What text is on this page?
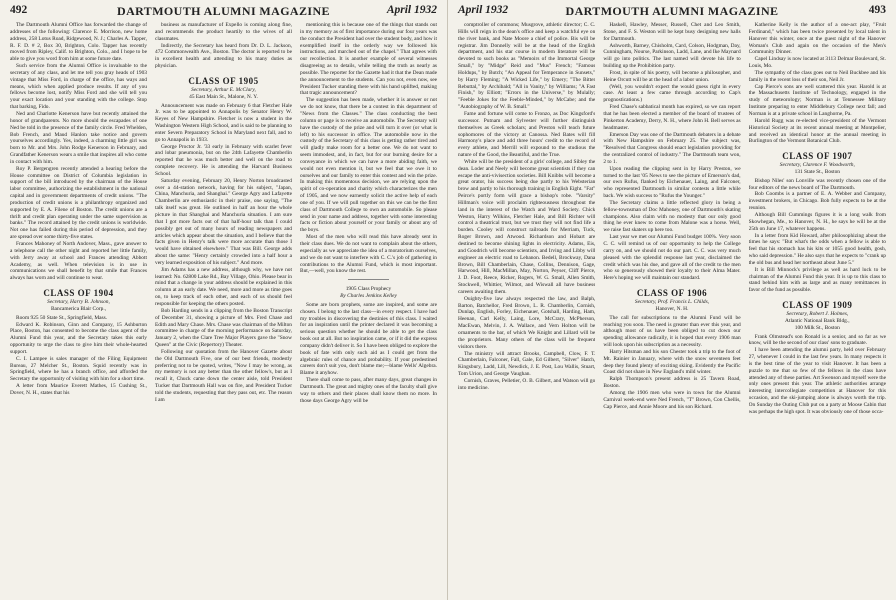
492	DARTMOUTH ALUMNI MAGAZINE	April 1932

The Dartmouth Alumni Office has forwarded the change of addresses of the following: Clarence E. Morrison, new home address, 258 Lotus Road, Ridgewood, N. J.; Charles A. Tapper, R. F. D. # 2, Box 30, Brighton, Colo. Tapper has recently moved from Ripley, Calif. to Brighton, Colo., and I hope to be able to give you word from him at some future date.

Such service from the Alumni Office is invaluable to the secretary of any class, and let me tell you gray heads of 1903 vintage that Miss Ford, in charge of the office, has ways and means, which when applied produce results. If any of you fellows become lost, notify Miss Ford and she will tell you your exact location and your standing with the college. Stop that barking, Fido.

Ned and Charlotte Kenerson have but recently attained the honor of grandparents. No more should the escapades of one Ned be told in the presence of the family circle. Fred Whelden, Bob French, and Maud Hanlon take notice and govern yourselves accordingly. Yes, indeed, a charming little girl was born to Mr. and Mrs. John Rodge Kenerson in February, and Grandfather Kenerson wears a smile that inspires all who come in contact with him.

Roy P. Bergengren recently attended a hearing before the House committee on District of Columbia legislation in support of the bill introduced by the chairman of the House labor committee, authorizing the establishment in the national capital and in government departments of credit unions. "The production of credit unions is a philanthropy organized and supported by E. A. Filene of Boston. The credit unions are a thrift and credit plan operating under the same supervision as banks." The record attained by the credit unions is worldwide. Not one has failed during this period of depression, and they are spread over some thirty-five states.

Frances Mahoney of North Andover, Mass., gave answer to a telephone call the other night and reported her little family, with Jerry away at school and Frances attending Abbott Academy, as well. When television is in use in communications we shall benefit by that smile that Frances always has worn and will continue to wear.

CLASS OF 1904
Secretary, Harry B. Johnson,
Bancamerica Blair Corp.,

Room 925 50 State St., Springfield, Mass.

Edward K. Robinson, Ginn and Company, 15 Ashburton Place, Boston, has consented to become the class agent of the Alumni Fund this year, and the Secretary takes this early opportunity to urge the class to give him their whole-hearted support.

C. I. Lampee is sales manager of the Filing Equipment Bureau, 27 Melcher St., Boston. Squid recently was in Springfield, where he has a branch office, and afforded the Secretary the opportunity of visiting with him for a short time.

A letter from Maurice Everett Mathes, 15 Cushing St., Dover, N. H., states that his

business as manufacturer of Expello is coming along fine, and recommends the product heartily to the wives of all classmates.

Indirectly, the Secretary has heard from Dr. D. L. Jackson, 472 Commonwealth Ave., Boston. The doctor is reported to be in excellent health and attending to his many duties as physician.

CLASS OF 1905
Secretary, Arthur E. McClary,
45 East Main St., Malone, N. Y.

Announcement was made on February 6 that Fletcher Hale Jr. was to be appointed to Annapolis by Senator Henry W. Keyes of New Hampshire. Fletcher is now a student in the Washington Western High School, and is said to be planning to enter Severn Preparatory School in Maryland next fall, and to go to Annapolis in 1933.

George Proctor Jr. '33 early in February with scarlet fever and lobar pneumonia, but on the 24th Lafayette Chamberlin reported that he was much better and well on the road to complete recovery. He is attending the Harvard Business School.

Saturday evening, February 20, Henry Norton broadcasted over a 44-station network, having for his subject, "Japan, China, Manchuria, and Shanghai." George Agry and Lafayette Chamberlin are enthusiastic in their praise, one saying, "The talk itself was great. He outlined in half an hour the whole picture in that Shanghai and Manchuria situation. I am sure that I got more facts out of that half-hour talk than I could possibly get out of many hours of reading newspapers and articles which appear about the situation, and I believe that the facts given in Henry's talk were more accurate than those I would have obtained elsewhere." That was Bill. George adds about the same: "Henry certainly crowded into a half hour a very learned exposition of his subject." And more.

Jim Adams has a new address, although why, we have not learned: No. 62800 Lake Rd., Bay Village, Ohio. Please bear in mind that a change in your address should be explained in this column at an early date. We need, more and more as time goes on, to keep track of each other, and each of us should feel responsible for keeping the others posted.

Bob Harding sends in a clipping from the Boston Transcript of December 31, showing a picture of Mrs. Fred Chase and Edith and Mary Chase. Mrs. Chase was chairman of the Milton committee in charge of the morning performance on Saturday, January 2, when the Clare Tree Major Players gave the "Snow Queen" at the Civic (Repertory) Theater.

Following our quotation from the Hanover Gazette about the Old Dartmouth Five, one of our best friends, modestly preferring not to be quoted, writes, "Now I may be wrong, as my memory is not any better than the other fellow's, but as I recall it, Chuck came down the center aisle, told President Tucker that Dartmouth Hall was on fire, and President Tucker told the students, requesting that they pass out, etc. The reason I am

mentioning this is because one of the things that stands out in my memory as of first importance during our four years was the conduct the President had over the student body, and how it exemplified itself in the orderly way we followed his instructions, and marched out of the chapel." That agrees with our recollection. It is another example of several witnesses disagreeing as to details, while telling the truth as nearly as possible. The reporter for the Gazette had it that the Dean made the announcement to the students. Can you not, even now, see President Tucker standing there with his hand uplifted, making that tragic announcement?

The suggestion has been made, whether it is answer or not we do not know, that there be a contest in this department of "News from the Classes." The class conducting the best column or page is to receive an automobile. The Secretary will have the custody of the prize and will turn it over (or what is left) to his successor in office. The automobile now in the custody of the Secretary of this class is getting rather tired and will gladly make room for a better one. We do not want to seem immodest, and, in fact, but for our burning desire for a conveyance in which we can have a more abiding faith, we would not even mention it, but we feel that we owe it to ourselves and our family to enter this contest and win the prize. In making this momentous decision, we are relying upon the spirit of co-operation and charity which characterizes the men of 1905, and we now earnestly solicit the active help of each one of you. If we will pull together on this we can be the first class of Dartmouth College to own an automobile. So please send in your name and address, together with some interesting facts or fiction about yourself or your family or about any of the boys.

Most of the men who will read this have already sent in their class dues. We do not want to complain about the others, especially as we appreciate the idea of a moratorium ourselves, and we do not want to interfere with C. C.'s job of gathering in contributions to the Alumni Fund, which is most important. But,—well, you know the rest.

1905 Class Prophecy
By Charles Jenkins Kelley

Some are born prophets, some are inspired, and some are chosen. I belong to the last class—in every respect. I have had my troubles in discovering the destinies of this class. I waited for an inspiration until the printer declared it was becoming a serious question whether he should be able to get the class book out at all. But no inspiration came, or if it did the express company didn't deliver it. So I have been obliged to explore the book of fate with only such aid as I could get from the algebraic rules of chance and probability. If your predestined careers don't suit you, don't blame me;—blame Wells' Algebra. Blame it anyhow.

There shall come to pass, after many days, great changes in Dartmouth. The great and mighty ones of the faculty shall give way to others and their places shall know them no more. In those days George Agry will be

April 1932	DARTMOUTH ALUMNI MAGAZINE	493

comptroller of commons; Musgrove, athletic director; C. C. Hills will reign in the dean's office and keep a watchful eye on the river bank, and Nate Moore a chief of police. Bis will be registrar. Jim Donnelly will be at the head of the English department, and his star course in modern literature will be devoted to such books as "Memoirs of the Immortal George Small," by "Midge" Reid and "Mus" French; "Famous Holdups," by Butch; "An Appeal for Temperance in Sunsets," by Harry Fleming; "A Wicked Life," by Emery; "The Bitter Rebuttal," by Archibald; "All in Vanity," by Williams; "A Fast Finish," by Elliott; "Errors in the Universe," by Mulally; "Feeble Jokes for the Feeble-Minded," by McCabe; and the "Autobiography of W. B. Small."

Fame and fortune will come to Fronzo, as Doc Kingsford's successor. Putnam and Sylvester will further distinguish themselves as Greek scholars; and Preston will teach future sophomores of the victory at Canossa. Ned Bates will fill Harmony's place and add three hours' credit to the record of every athlete, and Merrill will expound to the studious the nature of the Good, the Beautiful, and the True.

White will be the president of a girls' college, and Sibley the dean. Loder and Neely will become great scientists if they can escape the anti-vivisection societies. Bill Knibbs will become a great orator, his success being due partly to his Websterian brow and partly to his thorough training in English Eight. "Fat" Peirce's portly form will grace a bishop's robe. "Varsity" Hillman's voice will proclaim righteousness throughout the land in the interest of the Watch and Ward Society. Chick Weston, Harry Wilkins, Fletcher Hale, and Bill Richter will control a theatrical trust, but we trust they will not find life a burden. Cooley will construct railroads for Merriam, Tuck, Roger Brown, and Atwood. Richardson and Hobart are destined to become shining lights in electricity. Adams, Eis, and Goodrich will become scientists, and Irving and Libby will engineer an electric road to Lebanon. Bedell, Brockway, Dana Brown, Bill Chamberlain, Chase, Collins, Dennison, Gage, Harwood, Hill, MacMillan, May, Norton, Peyser, Cliff Pierce, J. D. Foot, Reece, Ricker, Rogers, W. G. Small, Allen Smith, Stockwell, Whittier, Wilmot, and Wiswall all have business careers awaiting them.

Ouighty-five law always respected the law, and Balph, Barton, Batchellor, Fred Brown, L. R. Chamberlin, Cornish, Dunlap, English, Forley, Eichenauer, Gotshall, Harding, Ham, Heenan, Carl Kelly, Laing, Lore, McCrary, McPherson, MacEwan, Melvin, J. A. Wallace, and Vern Holton will be ornaments to the bar, of which We Knight and Lillard will be the proprietors. Many others of the class will be frequent visitors there.

The ministry will attract Brooks, Campbell, Clow, F. T. Chamberlain, Falconer, Fall, Gale, Ed Gilbert, "Silver" Hatch, Kingsbury, Ladd, Lill, Newdick, J. E. Post, Lou Wallis, Stuart, Tom Urion, and George Vaughan.

Cornish, Graves, Pelletier, O. B. Gilbert, and Watson will go into medicine.

Haskell, Hawley, Messer, Russell, Chet and Leo Smith, Stone, and F. S. Weston will be kept busy designing new halls for Dartmouth.

Ashworth, Barney, Chisholm, Card, Colson, Hodgman, Day, Cunningham, Nourse, Parkinson, Ladd, Lane, and Ike Maynard will go into politics. The last named will devote his life to building up the Prohibition party.

Frost, in spite of his poetry, will become a philosopher, and Heine Orcutt will be at the head of a labor union.

(Well, you wouldn't expect the would guess right in every case. At least a few came through according to Cap's prognostications.)

Fred Chase's sabbatical month has expired, so we can report that he has been elected a member of the board of trustees of Pinkerton Academy, Derry, N. H., where John H. Bell serves as headmaster.

Emerson Day was one of the Dartmouth debaters in a debate with New Hampshire on February 25. The subject was, "Resolved that Congress should enact legislation providing for the centralized control of industry." The Dartmouth team won, 2 to 1.

Upon reading the clipping sent in by Harry Preston, we turned to the last '05 News to see the picture of Emerson's dad, our own Rufus, flanked by Eichenauer, Laing, and Falconer, who represented Dartmouth in similar contests a little while back. We wish success to "Rufus the Younger."

The Secretary claims a little reflected glory in being a fellow-townsman of Doc Mahoney, one of Dartmouth's skating champions. Also claim with no modesty that our only good thing he ever knew to come from Malone was a horse. Well, we raise fast skaters up here too.

Last year we met our Alumni Fund budget 100%. Very soon C. C. will remind us of our opportunity to help the College carry on, and we should not do our part. C. C. was very much pleased with the splendid response last year, disclaimed the credit which was his due, and gave all of the credit to the men who so generously showed their loyalty to their Alma Mater. Here's hoping we will maintain our standard.

CLASS OF 1906
Secretary, Prof. Francis L. Childs,
Hanover, N. H.

The call for subscriptions to the Alumni Fund will be reaching you soon. The need is greater than ever this year, and although most of us have been obliged to cut down our spending allowance radically, it is hoped that every 1906 man will look upon his subscription as a necessity.

Harry Hitsman and his son Chester took a trip to the foot of Mt. Rainier in January, where with the snow seventeen feet deep they found plenty of exciting skiing. Evidently the Pacific Coast did not share in New England's mild winter.

Ralph Thompson's present address is 25 Tavern Road, Boston.

Among the 1906 men who were in town for the Alumni Carnival week-end were Ned French, "T" Brown, Con Chellis, Cap Pierce, and Annie Moore and his son Richard.

Katherine Kelly is the author of a one-act play, "Fruit Ferdinand," which has been twice presented by local talent in Hanover this winter, once at the guest night of the Hanover Woman's Club and again on the occasion of the Men's Community Dinner.

Capel Lindsay is now located at 3113 Delmar Boulevard, St. Louis, Mo.

The sympathy of the class goes out to Neil Buckbee and his family in the recent loss of their son, Neil Jr.

Cap Pierce's sons are well scattered this year. Harold is at the Massachusetts Institute of Technology, engaged in the study of meteorology; Norman is at Tennessee Military Institute preparing to enter Middlebury College next fall; and Norman is at a private school in Langhorne, Pa.

Harold Rugg was re-elected vice-president of the Vermont Historical Society at its recent annual meeting at Montpelier, and received an identical honor at the annual meeting in Burlington of the Vermont Botanical Club.

CLASS OF 1907
Secretary, Clarence F. Woodworth,
131 State St., Boston

Bishop Niles' son Lonville was recently chosen one of the four editors of the news board of The Dartmouth.

Bob Coombs is a partner of E. A. Webber and Company, investment brokers, in Chicago. Bob fully expects to be at the reunion.

Although Bill Cummings figures it is a long walk from Skowhegan, Me., to Hanover, N. H., he says he will be at the 25th on June 17, whatever happens.

In a letter from Kid Howard, after philosophizing about the times he says: "But what's the odds when a fellow is able to feel that his stomach has his kits or 1055 good health, gosh, who said depression." He also says that he expects to "crank up the old bus and head her northeast about June 5."

It is Bill Minnock's privilege as well as hard luck to be chairman of the Alumni Fund this year. It is up to this class to stand behind him with as large and as many remittances in favor of the fund as possible.

CLASS OF 1909
Secretary, Robert J. Holmes,
Atlantic National Bank Bldg.,
100 Milk St., Boston

Frank Olmstead's son Ronald is a senior, and so far as we know, will be the second of our class' sons to graduate.

I have been attending the alumni party, held over February 27, whenever I could in the last few years. In many respects it is the best time of the year to visit Hanover. It has been a puzzle to me that so few of the fellows in the class have attended any of these parties. Art Swenson and myself were the only ones present this year. The athletic authorities arrange interesting intercollegiate competition at Hanover for this occasion, and the ski-jumping alone is always worth the trip. On Sunday the Outing Club put on a party at Moose Cabin that was perhaps the high spot. It was obviously one of those occa-
